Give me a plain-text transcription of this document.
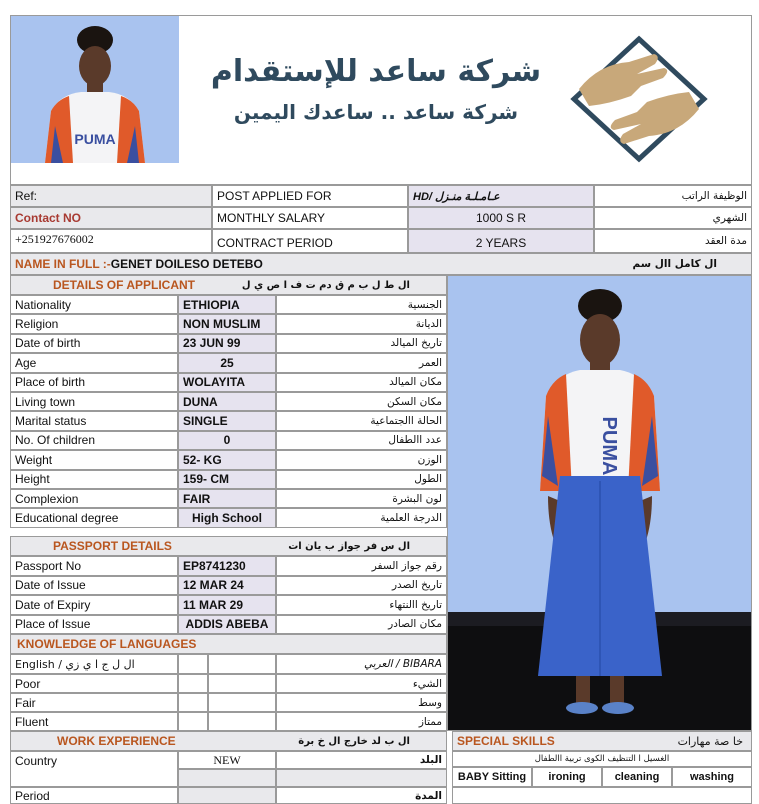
PUMA
شركة ساعد للإستقدام
شركة ساعد .. ساعدك اليمين
Ref:	POST APPLIED FOR	HD/ عـامـلـة منـزل	الوظيفة الراتب
Contact NO	MONTHLY SALARY	1000 S R	الشهري
+251927676002	CONTRACT PERIOD	2 YEARS	مدة العقد
NAME IN FULL :- GENET DOILESO DETEBO	ال كامل اال سم
DETAILS OF APPLICANT	ال ط ل ب م ق دم ت ف ا ص ي ل
Nationality	ETHIOPIA	الجنسية
Religion	NON MUSLIM	الديانة
Date of birth	23 JUN 99	تاريخ الميالد
Age	25	العمر
Place of birth	WOLAYITA	مكان الميالد
Living town	DUNA	مكان السكن
Marital status	SINGLE	الحالة االجتماعية
No. Of children	0	عدد االطفال
Weight	52- KG	الوزن
Height	159- CM	الطول
Complexion	FAIR	لون البشرة
Educational degree	High School	الدرجة العلمية
PUMA
PASSPORT DETAILS	ال س فر جواز ب يان ات
Passport No	EP8741230	رقم جواز السفر
Date of Issue	12 MAR 24	تاريخ الصدر
Date of Expiry	11 MAR 29	تاريخ االنتهاء
Place of Issue	ADDIS ABEBA	مكان الصادر
KNOWLEDGE OF LANGUAGES
English / ال ل ج ا ي زي	BIBARA / العربي
Poor	الشيء
Fair	وسط
Fluent	ممتاز
WORK EXPERIENCE	ال ب لد خارج ال خ برة
Country	NEW	البلد
Period	المدة
SPECIAL SKILLS	خا صة مهارات
الغسيل ا التنظيف الكوى تربية االطفال
BABY Sitting	ironing	cleaning	washing
